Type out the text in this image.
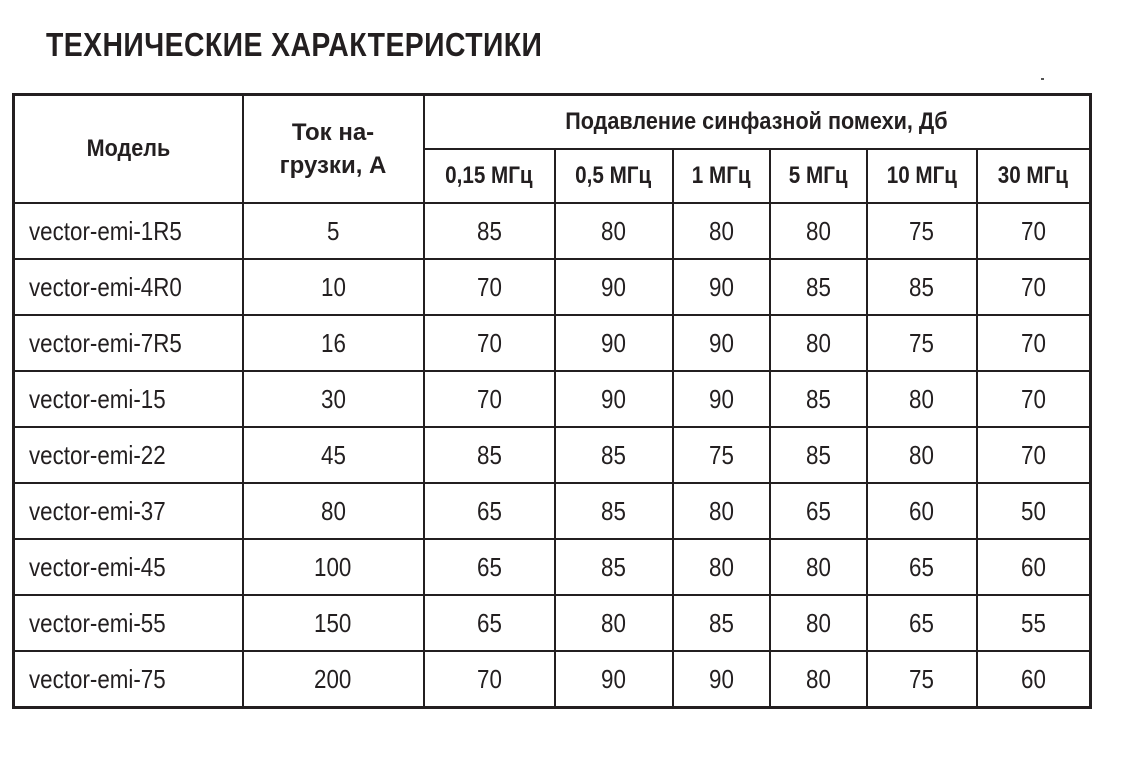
ТЕХНИЧЕСКИЕ ХАРАКТЕРИСТИКИ
Модель	Ток на-грузки, А	Подавление синфазной помехи, Дб					
		0,15 МГц	0,5 МГц	1 МГц	5 МГц	10 МГц	30 МГц
vector-emi-1R5	5	85	80	80	80	75	70
vector-emi-4R0	10	70	90	90	85	85	70
vector-emi-7R5	16	70	90	90	80	75	70
vector-emi-15	30	70	90	90	85	80	70
vector-emi-22	45	85	85	75	85	80	70
vector-emi-37	80	65	85	80	65	60	50
vector-emi-45	100	65	85	80	80	65	60
vector-emi-55	150	65	80	85	80	65	55
vector-emi-75	200	70	90	90	80	75	60
